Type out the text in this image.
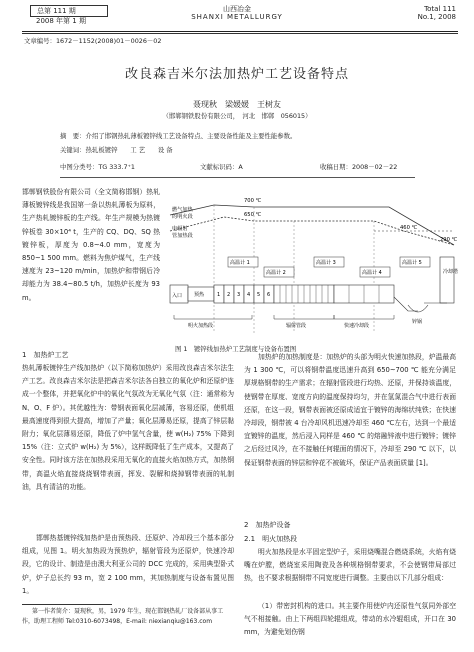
总第 111 期
2008 年第 1 期
山西冶金
SHANXI METALLURGY
Total 111
No.1, 2008
文章编号：1672－1152(2008)01－0026－02
改良森吉米尔法加热炉工艺设备特点
聂现秋　梁媛媛　王树友
（邯郸钢铁股份有限公司，　河北　邯郸　056015）
摘　要：介绍了邯钢热轧薄板镀锌线工艺设备特点、主要设备性能及主要性能参数。
关键词：热轧板镀锌　　工 艺　　设 备
中图分类号：TG 333.7⁺1	文献标识码：A	收稿日期：2008－02－22
邯郸钢铁股份有限公司（全文简称邯钢）热轧薄板镀锌线是我国第一条以热轧薄板为原料，生产热轧镀锌板的生产线。年生产规模为热镀锌板卷 30×10⁴ t，生产的 CQ、DQ、SQ 热镀锌板，厚度为 0.8~4.0 mm，宽度为 850~1 500 mm。燃料为焦炉煤气，生产线速度为 23~120 m/min，加热炉和带钢后冷却能力为 38.4~80.5 t/h，加热炉长度为 93 m。
燃气加热
的明火段
电辐射
管加热段
700 ℃
650 ℃
460 ℃
290 ℃
高温计 1
高温计 2
高温计 3
高温计 4
高温计 5
入口 预热	1 2 3 4 5 6
锌锅
冷却塔
明火加热段	辐射管段	快速冷却段
图 1　镀锌线加热炉工艺制度与设备布置图
1　加热炉工艺
热轧薄板镀锌生产线加热炉（以下简称加热炉）采用改良森吉米尔法生产工艺。改良森吉米尔法是把森吉米尔法各自独立的氧化炉和还原炉连成一个整体，并把氧化炉中的氧化气氛改为无氧化气氛（注：通常称为 N、O、F 炉）。其优越性为：带钢表面氧化层减薄，容易还原，使机组最高速度得到很大提高，增加了产量；氧化层薄易还原，提高了锌层黏附力；氧化层薄易还原，降低了炉中氢气含量，使 w(H₂) 75% 下降到 15%（注：立式炉 w(H₂) 为 5%），这样既降低了生产成本，又提高了安全性。同时该方法在加热段采用无氧化的直接火焰加热方式，加热钢带，高温火焰直接烧烧钢带表面，挥发、裂解和烧掉钢带表面的轧制油，具有清洁的功能。
邯郸热基镀锌线加热炉是由预热段、还原炉、冷却段三个基本部分组成，见图 1。明火加热段为预热炉，辐射管段为还原炉，快速冷却段，它的设计、制造是由澳大利亚公司的 DCC 完成的，采用典型卧式炉，炉子总长约 93 m，宽 2 100 mm，其加热制度与设备布置见图 1。
第一作者简介：聂现秋，男，1979 年生，现在邯钢热轧厂设备部从事工作，助理工程师 Tel:0310-6073498，E-mail: niexianqiu@163.com
加热炉的加热制度是：加热炉的头部为明火快速加热段，炉温最高为 1 300 ℃，可以将钢带温度迅速升高到 650~700 ℃ 能充分满足厚规格钢带的生产需求；在辐射管段进行均热、还原，并保持该温度，使钢带在厚度、宽度方向的温度保持均匀，并在氢氮混合气中进行表面还原，在这一段，钢带表面被还原成适宜于镀锌的海绵状纯铁；在快速冷却段，钢带被 4 台冷却风机迅速冷却至 460 ℃左右，达到一个最适宜镀锌的温度，然后浸入同样是 460 ℃ 的熔融锌液中进行镀锌；镀锌之后经过风冷，在不接触任何辊面的情况下，冷却至 290 ℃ 以下，以保证钢带表面的锌层和锌花不被破坏，保证产品表面质量 [1]。
2　加热炉设备
2.1　明火加热段
明火加热段是水平固定型炉子，采用烧嘴混合燃烧系统，火焰有烧嘴在炉膛，燃烧室采用陶瓷及各种规格钢带要求，不会使钢带局部过热，也不要求根据钢带不同宽度进行调整。主要由以下几部分组成：
（1）带密封机构的进口。其主要作用使炉内还原性气氛同外部空气不相接触。由上下两组四轮辊组成，带动的水冷辊组成，开口在 30 mm，为避免划伤钢
